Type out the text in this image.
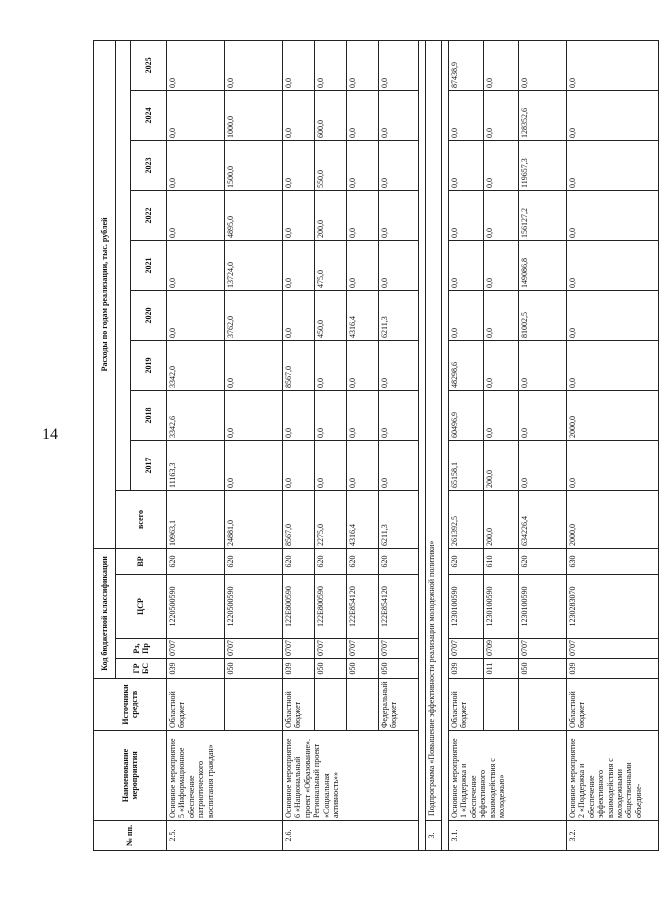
14
№ пп.	Наименование мероприятия	Источники средств	Код бюджетной классификации				Расходы по годам реализации, тыс. рублей									
			ГР БС	Рз, Пр	ЦСР	ВР	всего									
								2017	2018	2019	2020	2021	2022	2023	2024	2025
2.5.	Основное мероприятие 5 «Информационное обеспечение патриотического воспитания граждан»	Областной бюджет	039	0707	1220500590	620	10963,1	11163,3	3342,6	3342,0	0,0	0,0	0,0	0,0	0,0	0,0
			050	0707	1220500590	620	24881,0	0,0	0,0	0,0	3762,0	13724,0	4895,0	1500,0	1000,0	0,0
2.6.	Основное мероприятие 6 «Национальный проект «Образование». Региональный проект «Социальная активность»»	Областной бюджет	039	0707	122E800590	620	8567,0	0,0	0,0	8567,0	0,0	0,0	0,0	0,0	0,0	0,0
			050	0707	122E800590	620	2275,0	0,0	0,0	0,0	450,0	475,0	200,0	550,0	600,0	0,0
			050	0707	122E854120	620	4316,4	0,0	0,0	0,0	4316,4	0,0	0,0	0,0	0,0	0,0
		Федеральный бюджет	050	0707	122E854120	620	6211,3	0,0	0,0	0,0	6211,3	0,0	0,0	0,0	0,0	0,0

3.	Подпрограмма «Повышение эффективности реализации молодежной политики»															

3.1.	Основное мероприятие 1 «Поддержка и обеспечение эффективного взаимодействия с молодежью»	Областной бюджет	039	0707	1230100590	620	261392,5	65158,1	60496,9	48298,6	0,0	0,0	0,0	0,0	0,0	87438,9
			011	0709	1230100590	610	200,0	200,0	0,0	0,0	0,0	0,0	0,0	0,0	0,0	0,0
			050	0707	1230100590	620	634226,4	0,0	0,0	0,0	81002,5	149086,8	156127,2	119657,3	128352,6	0,0
3.2.	Основное мероприятие 2 «Поддержка и обеспечение эффективного взаимодействия с молодежными общественными объедине-	Областной бюджет	039	0707	1230283070	630	2000,0	0,0	2000,0	0,0	0,0	0,0	0,0	0,0	0,0	0,0
